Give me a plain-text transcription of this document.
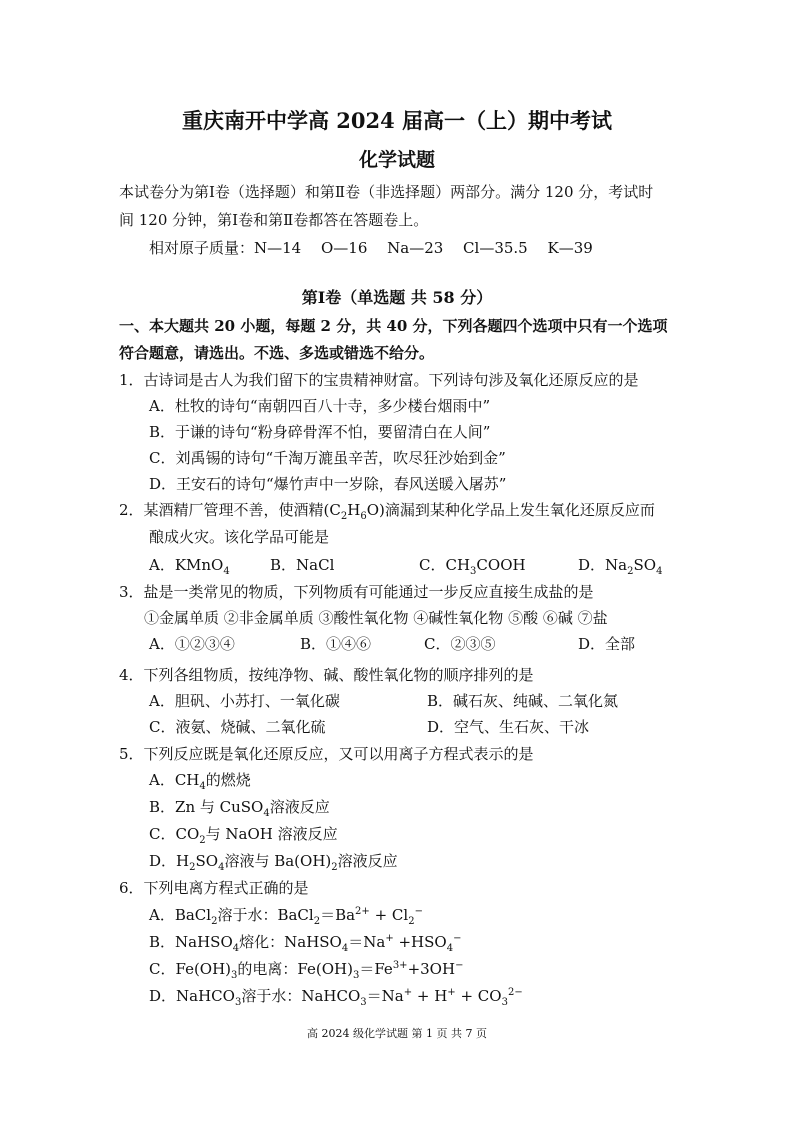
重庆南开中学高 2024 届高一（上）期中考试
化学试题
本试卷分为第Ⅰ卷（选择题）和第Ⅱ卷（非选择题）两部分。满分 120 分，考试时
间 120 分钟，第Ⅰ卷和第Ⅱ卷都答在答题卷上。
相对原子质量：N—14　 O—16　 Na—23　 Cl—35.5　 K—39
第Ⅰ卷（单选题 共 58 分）
一、本大题共 20 小题，每题 2 分，共 40 分，下列各题四个选项中只有一个选项
符合题意，请选出。不选、多选或错选不给分。
1．古诗词是古人为我们留下的宝贵精神财富。下列诗句涉及氧化还原反应的是
A．杜牧的诗句“南朝四百八十寺，多少楼台烟雨中”
B．于谦的诗句“粉身碎骨浑不怕，要留清白在人间”
C．刘禹锡的诗句“千淘万漉虽辛苦，吹尽狂沙始到金”
D．王安石的诗句“爆竹声中一岁除，春风送暖入屠苏”
2．某酒精厂管理不善，使酒精$(C_2H_6O)$滴漏到某种化学品上发生氧化还原反应而
酿成火灾。该化学品可能是
A．KMnO$_4$	B．NaCl	C．$CH_3COOH$	D．$Na_2SO_4$
3．盐是一类常见的物质，下列物质有可能通过一步反应直接生成盐的是
①金属单质 ②非金属单质 ③酸性氧化物 ④碱性氧化物 ⑤酸 ⑥碱 ⑦盐
A．①②③④	B．①④⑥	C．②③⑤	D．全部
4．下列各组物质，按纯净物、碱、酸性氧化物的顺序排列的是
A．胆矾、小苏打、一氧化碳	B．碱石灰、纯碱、二氧化氮
C．液氨、烧碱、二氧化硫	D．空气、生石灰、干冰
5．下列反应既是氧化还原反应，又可以用离子方程式表示的是
A．$CH_4$的燃烧
B．Zn 与 CuSO$_4$溶液反应
C．$CO_2$与 NaOH 溶液反应
D．$H_2SO_4$溶液与 $Ba(OH)_2$溶液反应
6．下列电离方程式正确的是
A．BaCl$_2$溶于水：$BaCl_2=Ba^{2+} + Cl_2^-$
B．NaHSO$_4$熔化：NaHSO$_4$＝Na+ $+HSO_4^-$
C．$Fe(OH)_3$的电离：$Fe(OH)_3=Fe^{3+}+3OH^-$
D．NaHCO$_3$溶于水：NaHCO$_3$＝Na+ + $H^+ + CO_3^{2-}$
高 2024 级化学试题 第 1 页 共 7 页
